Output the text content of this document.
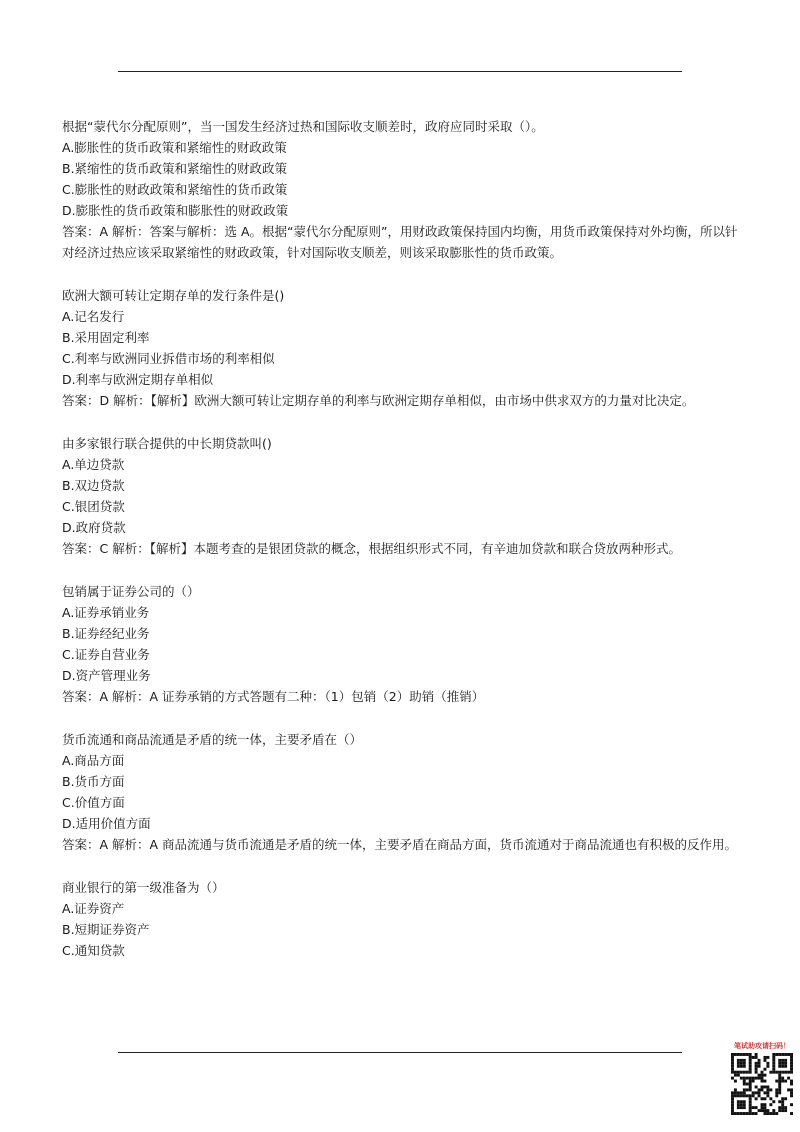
根据“蒙代尔分配原则”，当一国发生经济过热和国际收支顺差时，政府应同时采取（）。
A.膨胀性的货币政策和紧缩性的财政政策
B.紧缩性的货币政策和紧缩性的财政政策
C.膨胀性的财政政策和紧缩性的货币政策
D.膨胀性的货币政策和膨胀性的财政政策
答案：A 解析：答案与解析：选 A。根据“蒙代尔分配原则”，用财政政策保持国内均衡，用货币政策保持对外均衡，所以针对经济过热应该采取紧缩性的财政政策，针对国际收支顺差，则该采取膨胀性的货币政策。
欧洲大额可转让定期存单的发行条件是()
A.记名发行
B.采用固定利率
C.利率与欧洲同业拆借市场的利率相似
D.利率与欧洲定期存单相似
答案：D 解析：【解析】欧洲大额可转让定期存单的利率与欧洲定期存单相似，由市场中供求双方的力量对比决定。
由多家银行联合提供的中长期贷款叫()
A.单边贷款
B.双边贷款
C.银团贷款
D.政府贷款
答案：C 解析：【解析】本题考查的是银团贷款的概念，根据组织形式不同，有辛迪加贷款和联合贷放两种形式。
包销属于证券公司的（）
A.证券承销业务
B.证券经纪业务
C.证券自营业务
D.资产管理业务
答案：A 解析：A 证券承销的方式答题有二种：（1）包销（2）助销（推销）
货币流通和商品流通是矛盾的统一体，主要矛盾在（）
A.商品方面
B.货币方面
C.价值方面
D.适用价值方面
答案：A 解析：A 商品流通与货币流通是矛盾的统一体，主要矛盾在商品方面，货币流通对于商品流通也有积极的反作用。
商业银行的第一级准备为（）
A.证券资产
B.短期证券资产
C.通知贷款
笔试助攻请扫码！
